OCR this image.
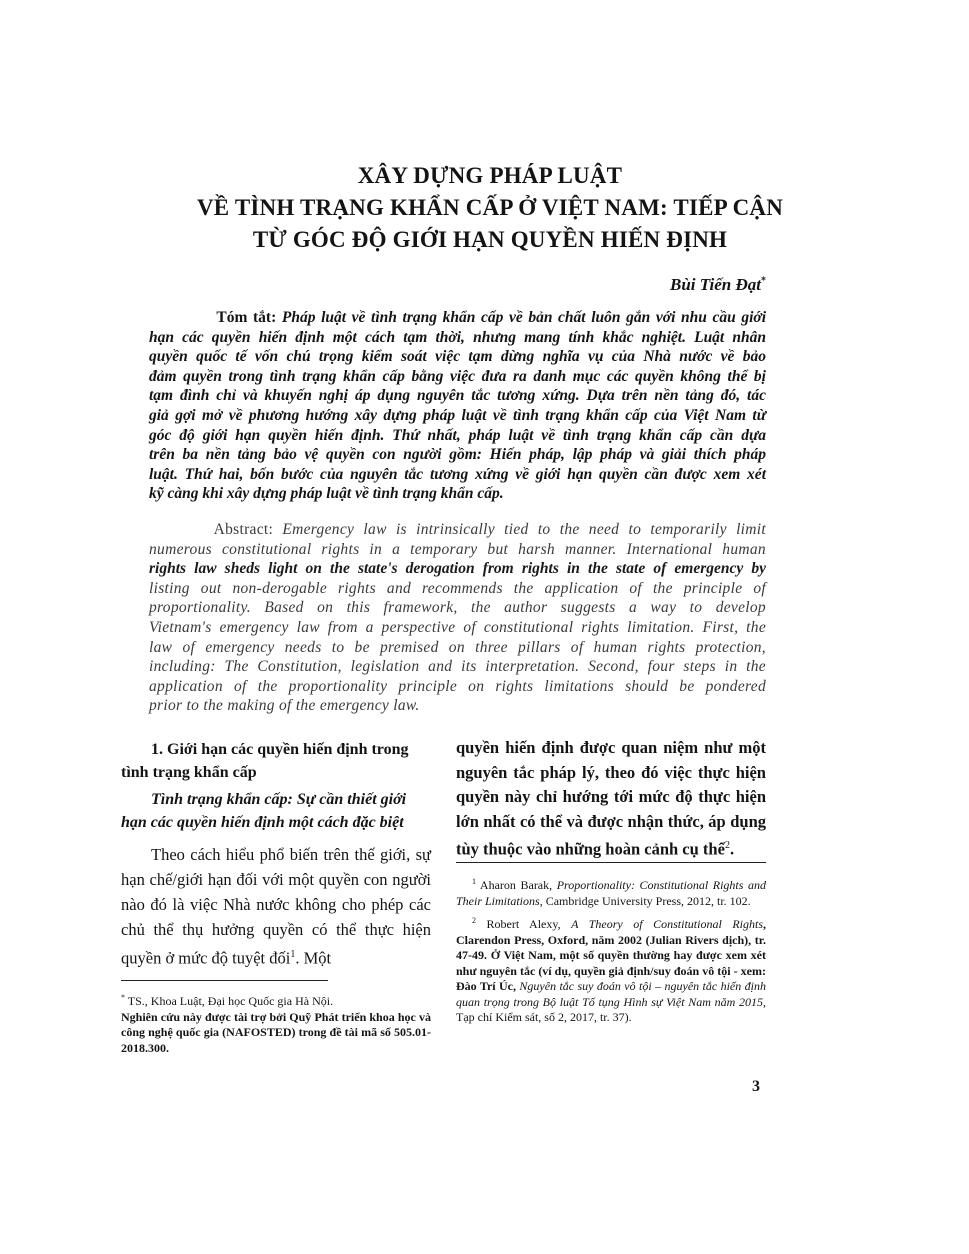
XÂY DỰNG PHÁP LUẬT
VỀ TÌNH TRẠNG KHẨN CẤP Ở VIỆT NAM: TIẾP CẬN
TỪ GÓC ĐỘ GIỚI HẠN QUYỀN HIẾN ĐỊNH
Bùi Tiến Đạt*
Tóm tắt: Pháp luật về tình trạng khẩn cấp về bản chất luôn gắn với nhu cầu giới
hạn các quyền hiến định một cách tạm thời, nhưng mang tính khắc nghiệt. Luật nhân
quyền quốc tế vốn chú trọng kiểm soát việc tạm dừng nghĩa vụ của Nhà nước về bảo
đảm quyền trong tình trạng khẩn cấp bằng việc đưa ra danh mục các quyền không thể bị
tạm đình chỉ và khuyến nghị áp dụng nguyên tắc tương xứng. Dựa trên nền tảng đó, tác
giả gợi mở về phương hướng xây dựng pháp luật về tình trạng khẩn cấp của Việt Nam từ
góc độ giới hạn quyền hiến định. Thứ nhất, pháp luật về tình trạng khẩn cấp cần dựa
trên ba nền tảng bảo vệ quyền con người gồm: Hiến pháp, lập pháp và giải thích pháp
luật. Thứ hai, bốn bước của nguyên tắc tương xứng về giới hạn quyền cần được xem xét
kỹ càng khi xây dựng pháp luật về tình trạng khẩn cấp.
Abstract: Emergency law is intrinsically tied to the need to temporarily limit
numerous constitutional rights in a temporary but harsh manner. International human
rights law sheds light on the state's derogation from rights in the state of emergency by
listing out non-derogable rights and recommends the application of the principle of
proportionality. Based on this framework, the author suggests a way to develop
Vietnam's emergency law from a perspective of constitutional rights limitation. First, the
law of emergency needs to be premised on three pillars of human rights protection,
including: The Constitution, legislation and its interpretation. Second, four steps in the
application of the proportionality principle on rights limitations should be pondered
prior to the making of the emergency law.
1. Giới hạn các quyền hiến định trong tình trạng khẩn cấp
Tình trạng khẩn cấp: Sự cần thiết giới hạn các quyền hiến định một cách đặc biệt
Theo cách hiểu phổ biến trên thế giới, sự hạn chế/giới hạn đối với một quyền con người nào đó là việc Nhà nước không cho phép các chủ thể thụ hưởng quyền có thể thực hiện quyền ở mức độ tuyệt đối$^1$. Một
quyền hiến định được quan niệm như một nguyên tắc pháp lý, theo đó việc thực hiện quyền này chỉ hướng tới mức độ thực hiện lớn nhất có thể và được nhận thức, áp dụng tùy thuộc vào những hoàn cảnh cụ thể$^2$.
* TS., Khoa Luật, Đại học Quốc gia Hà Nội.
Nghiên cứu này được tài trợ bởi Quỹ Phát triển khoa học và công nghệ quốc gia (NAFOSTED) trong đề tài mã số 505.01-2018.300.
$^1$ Aharon Barak, Proportionality: Constitutional Rights and Their Limitations, Cambridge University Press, 2012, tr. 102.
$^2$ Robert Alexy, A Theory of Constitutional Rights, Clarendon Press, Oxford, năm 2002 (Julian Rivers dịch), tr. 47-49. Ở Việt Nam, một số quyền thường hay được xem xét như nguyên tắc (ví dụ, quyền giả định/suy đoán vô tội - xem: Đào Trí Úc, Nguyên tắc suy đoán vô tội – nguyên tắc hiến định quan trọng trong Bộ luật Tố tụng Hình sự Việt Nam năm 2015, Tạp chí Kiểm sát, số 2, 2017, tr. 37).
3
